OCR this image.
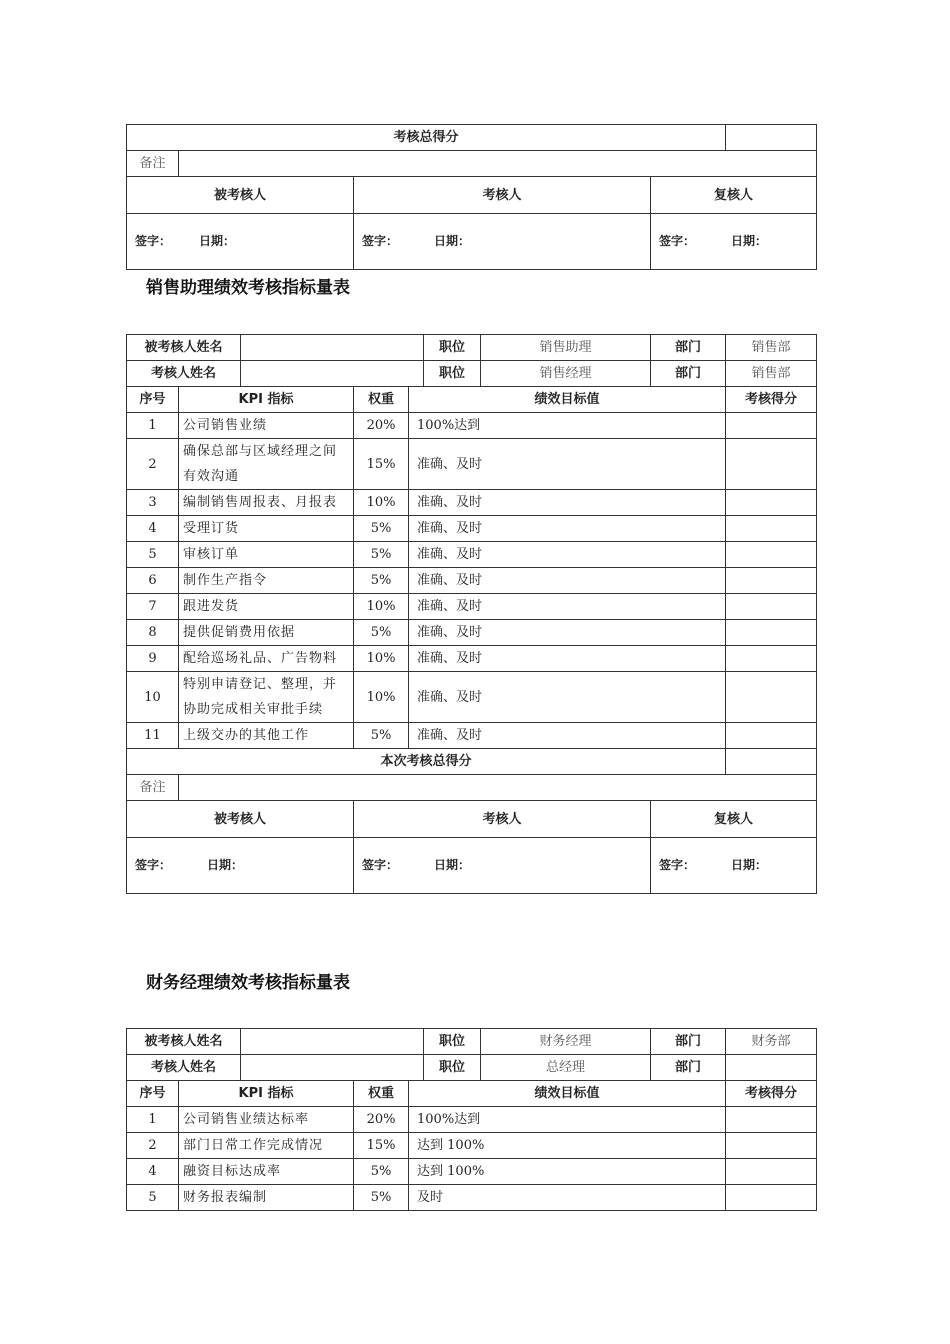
考核总得分				
备注				
被考核人		考核人	复核人	
签字： 日期：		签字： 日期：	签字： 日期：	
销售助理绩效考核指标量表
被考核人姓名					职位	销售助理	部门	销售部
考核人姓名					职位	销售经理	部门	销售部
序号	KPI 指标		权重	绩效目标值				考核得分
1	公司销售业绩		20%	100%达到				
2	确保总部与区域经理之间有效沟通		15%	准确、及时				
3	编制销售周报表、月报表		10%	准确、及时				
4	受理订货		5%	准确、及时				
5	审核订单		5%	准确、及时				
6	制作生产指令		5%	准确、及时				
7	跟进发货		10%	准确、及时				
8	提供促销费用依据		5%	准确、及时				
9	配给巡场礼品、广告物料		10%	准确、及时				
10	特别申请登记、整理，并协助完成相关审批手续		10%	准确、及时				
11	上级交办的其他工作		5%	准确、及时				
本次考核总得分								
备注								
被考核人			考核人				复核人	
签字： 日期：			签字： 日期：				签字： 日期：	
财务经理绩效考核指标量表
被考核人姓名					职位	财务经理	部门	财务部
考核人姓名					职位	总经理	部门	
序号	KPI 指标		权重	绩效目标值				考核得分
1	公司销售业绩达标率		20%	100%达到				
2	部门日常工作完成情况		15%	达到 100%				
4	融资目标达成率		5%	达到 100%				
5	财务报表编制		5%	及时				
